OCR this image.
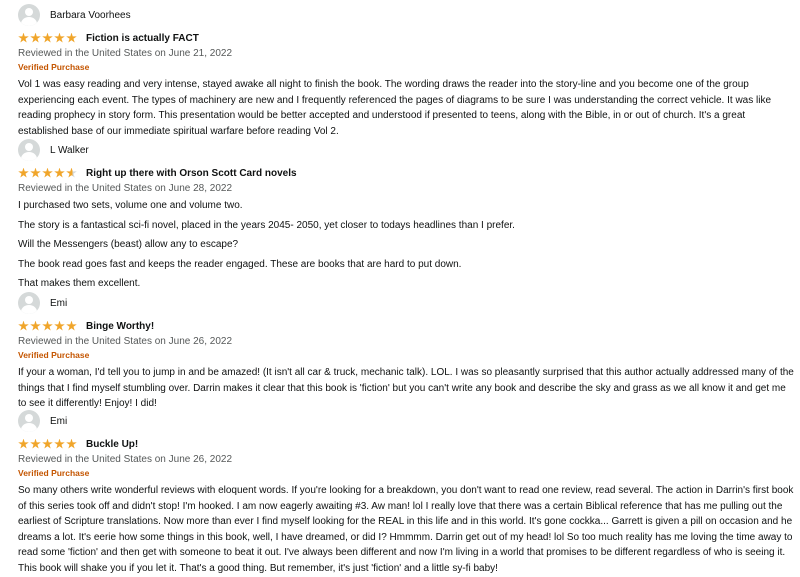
Barbara Voorhees
Fiction is actually FACT
Reviewed in the United States on June 21, 2022
Verified Purchase

Vol 1 was easy reading and very intense, stayed awake all night to finish the book. The wording draws the reader into the story-line and you become one of the group experiencing each event. The types of machinery are new and I frequently referenced the pages of diagrams to be sure I was understanding the correct vehicle. It was like reading prophecy in story form. This presentation would be better accepted and understood if presented to teens, along with the Bible, in or out of church. It's a great established base of our immediate spiritual warfare before reading Vol 2.

L Walker
Right up there with Orson Scott Card novels
Reviewed in the United States on June 28, 2022

I purchased two sets, volume one and volume two.

The story is a fantastical sci-fi novel, placed in the years 2045- 2050, yet closer to todays headlines than I prefer.

Will the Messengers (beast) allow any to escape?

The book read goes fast and keeps the reader engaged. These are books that are hard to put down.

That makes them excellent.

Emi
Binge Worthy!
Reviewed in the United States on June 26, 2022
Verified Purchase

If your a woman, I'd tell you to jump in and be amazed! (It isn't all car & truck, mechanic talk). LOL. I was so pleasantly surprised that this author actually addressed many of the things that I find myself stumbling over. Darrin makes it clear that this book is 'fiction' but you can't write any book and describe the sky and grass as we all know it and get me to see it differently! Enjoy! I did!

Emi
Buckle Up!
Reviewed in the United States on June 26, 2022
Verified Purchase

So many others write wonderful reviews with eloquent words. If you're looking for a breakdown, you don't want to read one review, read several. The action in Darrin's first book of this series took off and didn't stop! I'm hooked. I am now eagerly awaiting #3. Aw man! lol I really love that there was a certain Biblical reference that has me pulling out the earliest of Scripture translations. Now more than ever I find myself looking for the REAL in this life and in this world. It's gone cockka... Garrett is given a pill on occasion and he dreams a lot. It's eerie how some things in this book, well, I have dreamed, or did I? Hmmmm. Darrin get out of my head! lol So too much reality has me loving the time away to read some 'fiction' and then get with someone to beat it out. I've always been different and now I'm living in a world that promises to be different regardless of who is seeing it. This book will shake you if you let it. That's a good thing. But remember, it's just 'fiction' and a little sy-fi baby!
